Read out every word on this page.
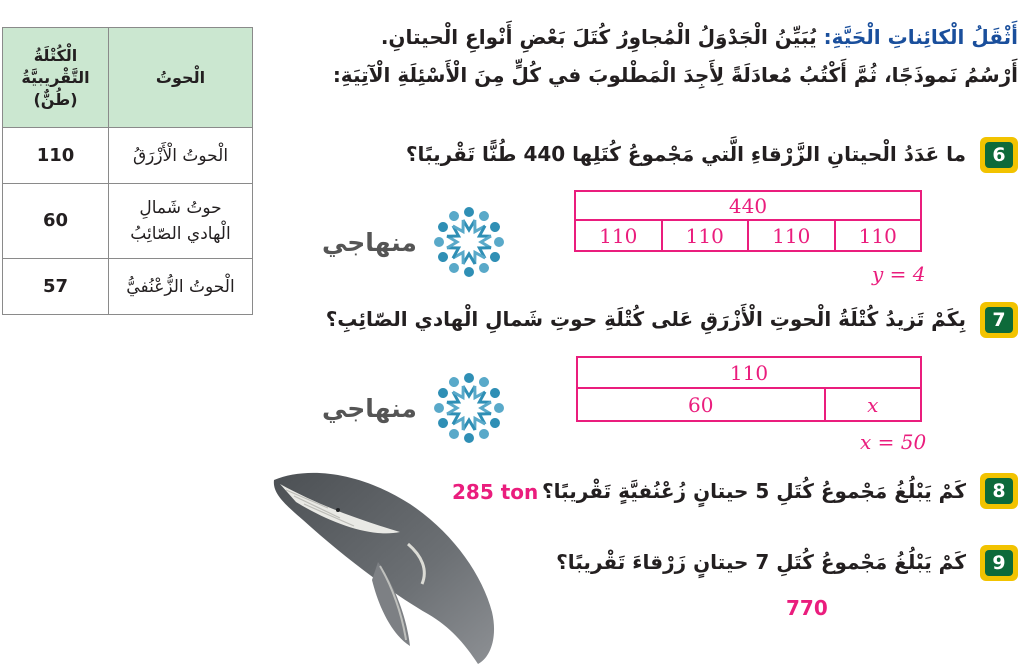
الْحوتُ	الْكُتْلَةُ
التَّقْريبيَّةُ
(طُنٌّ)

الْحوتُ الْأَزْرَقُ	110

حوتُ شَمالِ
الْهادي الصّائِبُ	60

الْحوتُ الزُّعْنُفيُّ	57
أَثْقَلُ الْكائِناتِ الْحَيَّةِ: يُبَيِّنُ الْجَدْوَلُ الْمُجاوِرُ كُتَلَ بَعْضِ أَنْواعِ الْحيتانِ.
أَرْسُمُ نَموذَجًا، ثُمَّ أَكْتُبُ مُعادَلَةً لِأَجِدَ الْمَطْلوبَ في كُلٍّ مِنَ الْأَسْئِلَةِ الْآتِيَةِ:
6
ما عَدَدُ الْحيتانِ الزَّرْقاءِ الَّتي مَجْموعُ كُتَلِها 440 طُنًّا تَقْريبًا؟
440
110	110	110	110
y = 4
منهاجي
7
بِكَمْ تَزيدُ كُتْلَةُ الْحوتِ الْأَزْرَقِ عَلى كُتْلَةِ حوتِ شَمالِ الْهادي الصّائِبِ؟
110
60	x
x = 50
منهاجي
8
كَمْ يَبْلُغُ مَجْموعُ كُتَلِ 5 حيتانٍ زُعْنُفيَّةٍ تَقْريبًا؟
285 ton
9
كَمْ يَبْلُغُ مَجْموعُ كُتَلِ 7 حيتانٍ زَرْقاءَ تَقْريبًا؟
770
